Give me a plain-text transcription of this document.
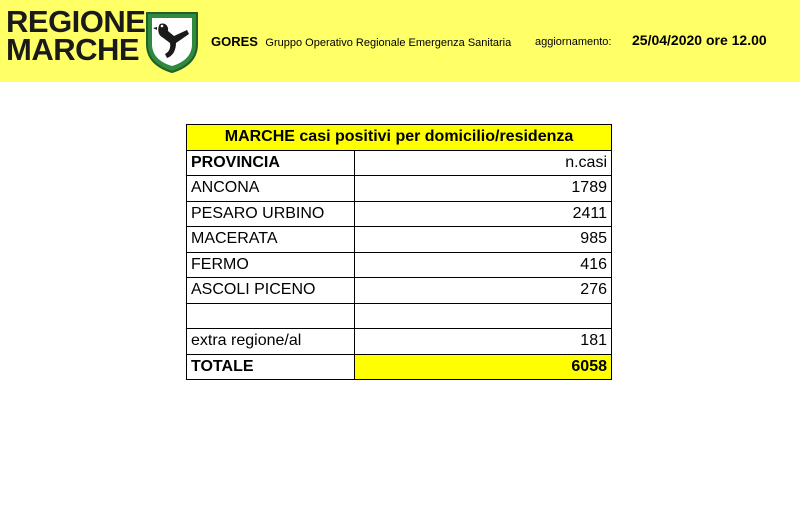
REGIONE
MARCHE	GORES Gruppo Operativo Regionale Emergenza Sanitaria aggiornamento: 25/04/2020 ore 12.00
MARCHE casi positivi per domicilio/residenza	
PROVINCIA	n.casi
ANCONA	1789
PESARO URBINO	2411
MACERATA	985
FERMO	416
ASCOLI PICENO	276

extra regione/al	181
TOTALE	6058
